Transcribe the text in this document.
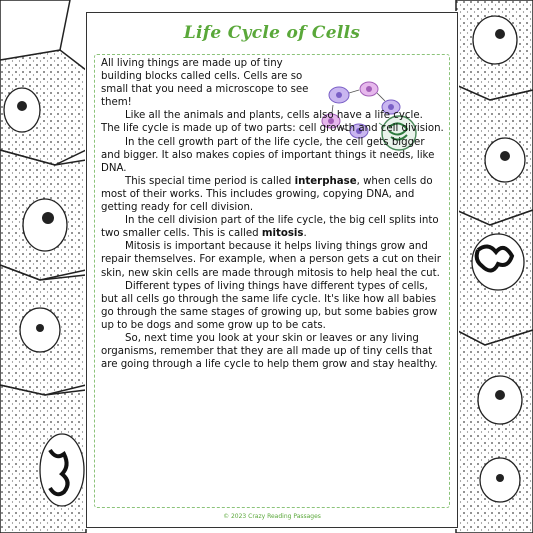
Life Cycle of Cells

All living things are made up of tiny building blocks called cells. Cells are so small that you need a microscope to see them!

Like all the animals and plants, cells also have a life cycle. The life cycle is made up of two parts: cell growth and cell division.

In the cell growth part of the life cycle, the cell gets bigger and bigger. It also makes copies of important things it needs, like DNA.

This special time period is called interphase, when cells do most of their works. This includes growing, copying DNA, and getting ready for cell division.

In the cell division part of the life cycle, the big cell splits into two smaller cells. This is called mitosis.

Mitosis is important because it helps living things grow and repair themselves. For example, when a person gets a cut on their skin, new skin cells are made through mitosis to help heal the cut.

Different types of living things have different types of cells, but all cells go through the same life cycle. It's like how all babies go through the same stages of growing up, but some babies grow up to be dogs and some grow up to be cats.

So, next time you look at your skin or leaves or any living organisms, remember that they are all made up of tiny cells that are going through a life cycle to help them grow and stay healthy.

© 2023 Crazy Reading Passages
